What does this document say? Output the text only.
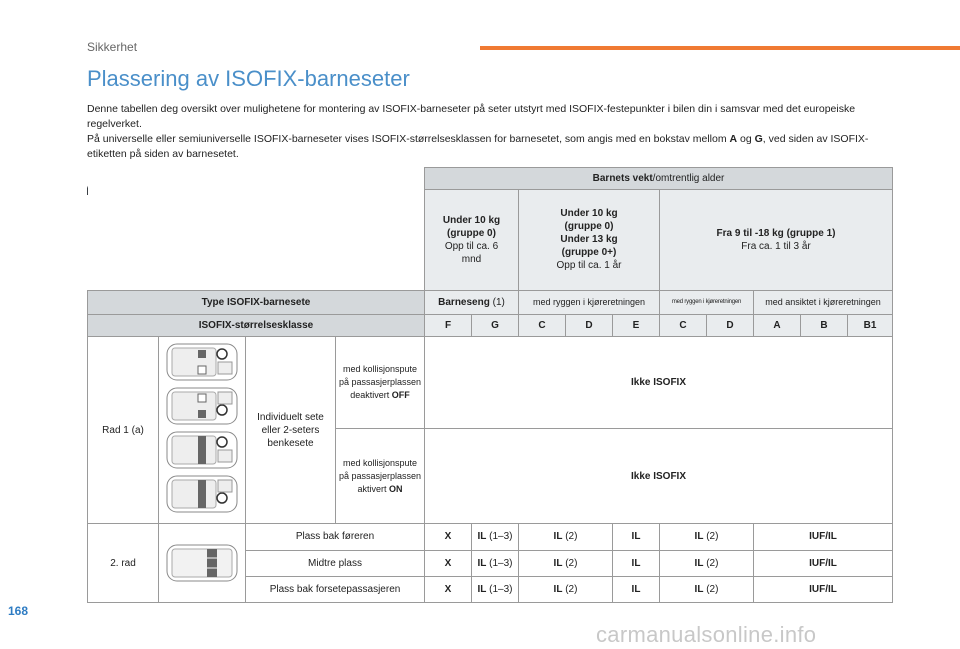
Sikkerhet
Plassering av ISOFIX-barneseter

Denne tabellen deg oversikt over mulighetene for montering av ISOFIX-barneseter på seter utstyrt med ISOFIX-festepunkter i bilen din i samsvar med det europeiske regelverket.

På universelle eller semiuniverselle ISOFIX-barneseter vises ISOFIX-størrelsesklassen for barnesetet, som angis med en bokstav mellom A og G, ved siden av ISOFIX-etiketten på siden av barnesetet.

				Barnets vekt/omtrentlig alder									
				Under 10 kg
(gruppe 0)
Opp til ca. 6
mnd		Under 10 kg
(gruppe 0)
Under 13 kg
(gruppe 0+)
Opp til ca. 1 år			Fra 9 til -18 kg (gruppe 1)
Fra ca. 1 til 3 år				
Type ISOFIX-barnesete				Barneseng (1)		med ryggen i kjøreretningen			med ryggen i kjøreretningen		med ansiktet i kjøreretningen		
ISOFIX-størrelsesklasse				F	G	C	D	E	C	D	A	B	B1
Rad 1 (a)		Individuelt sete eller 2-seters benkesete	med kollisjonspute på passasjerplassen deaktivert OFF	Ikke ISOFIX									
			med kollisjonspute på passasjerplassen aktivert ON	Ikke ISOFIX									
2. rad		Plass bak føreren		X	IL (1–3)	IL (2)		IL	IL (2)		IUF/IL		
		Midtre plass		X	IL (1–3)	IL (2)		IL	IL (2)		IUF/IL		
		Plass bak forsetepassasjeren		X	IL (1–3)	IL (2)		IL	IL (2)		IUF/IL		
168
carmanualsonline.info
